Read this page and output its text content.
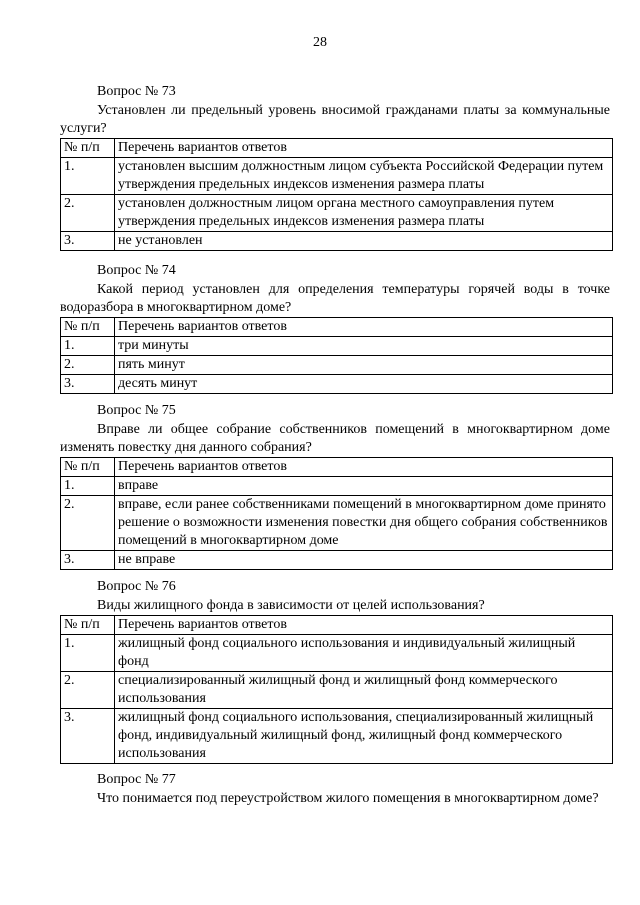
28
Вопрос № 73
Установлен ли предельный уровень вносимой гражданами платы за коммунальные услуги?
№ п/п	Перечень вариантов ответов
1.	установлен высшим должностным лицом субъекта Российской Федерации путем утверждения предельных индексов изменения размера платы
2.	установлен должностным лицом органа местного самоуправления путем утверждения предельных индексов изменения размера платы
3.	не установлен
Вопрос № 74
Какой период установлен для определения температуры горячей воды в точке водоразбора в многоквартирном доме?
№ п/п	Перечень вариантов ответов
1.	три минуты
2.	пять минут
3.	десять минут
Вопрос № 75
Вправе ли общее собрание собственников помещений в многоквартирном доме изменять повестку дня данного собрания?
№ п/п	Перечень вариантов ответов
1.	вправе
2.	вправе, если ранее собственниками помещений в многоквартирном доме принято решение о возможности изменения повестки дня общего собрания собственников помещений в многоквартирном доме
3.	не вправе
Вопрос № 76
Виды жилищного фонда в зависимости от целей использования?
№ п/п	Перечень вариантов ответов
1.	жилищный фонд социального использования и индивидуальный жилищный фонд
2.	специализированный жилищный фонд и жилищный фонд коммерческого использования
3.	жилищный фонд социального использования, специализированный жилищный фонд, индивидуальный жилищный фонд, жилищный фонд коммерческого использования
Вопрос № 77
Что понимается под переустройством жилого помещения в многоквартирном доме?
